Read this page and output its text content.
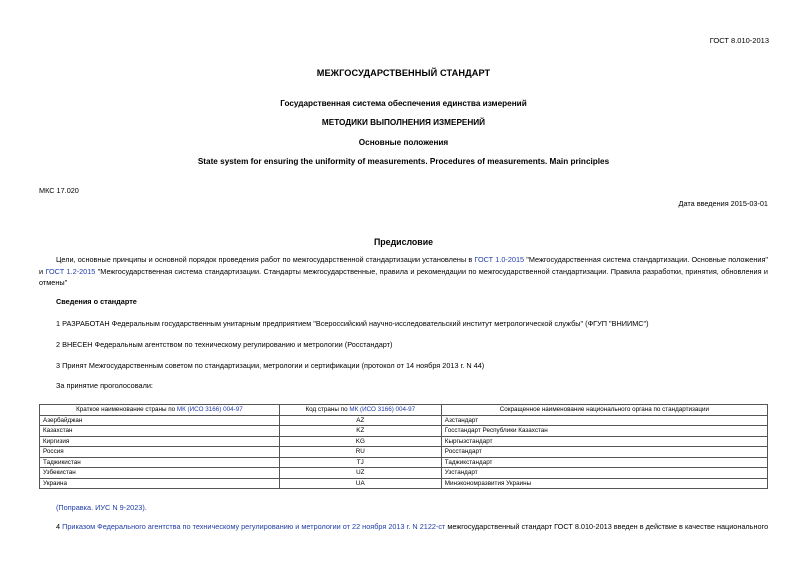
ГОСТ 8.010-2013
МЕЖГОСУДАРСТВЕННЫЙ СТАНДАРТ
Государственная система обеспечения единства измерений
МЕТОДИКИ ВЫПОЛНЕНИЯ ИЗМЕРЕНИЙ
Основные положения
State system for ensuring the uniformity of measurements. Procedures of measurements. Main principles
МКС 17.020
Дата введения 2015-03-01
Предисловие
Цели, основные принципы и основной порядок проведения работ по межгосударственной стандартизации установлены в ГОСТ 1.0-2015 "Межгосударственная система стандартизации. Основные положения" и ГОСТ 1.2-2015 "Межгосударственная система стандартизации. Стандарты межгосударственные, правила и рекомендации по межгосударственной стандартизации. Правила разработки, принятия, обновления и отмены"
Сведения о стандарте
1 РАЗРАБОТАН Федеральным государственным унитарным предприятием "Всероссийский научно-исследовательский институт метрологической службы" (ФГУП "ВНИИМС")
2 ВНЕСЕН Федеральным агентством по техническому регулированию и метрологии (Росстандарт)
3 Принят Межгосударственным советом по стандартизации, метрологии и сертификации (протокол от 14 ноября 2013 г. N 44)
За принятие проголосовали:
Краткое наименование страны по МК (ИСО 3166) 004-97	Код страны по МК (ИСО 3166) 004-97	Сокращенное наименование национального органа по стандартизации
Азербайджан	AZ	Азстандарт
Казахстан	KZ	Госстандарт Республики Казахстан
Киргизия	KG	Кыргызстандарт
Россия	RU	Росстандарт
Таджикистан	TJ	Таджикстандарт
Узбекистан	UZ	Узстандарт
Украина	UA	Минэкономразвития Украины
(Поправка. ИУС N 9-2023).
4 Приказом Федерального агентства по техническому регулированию и метрологии от 22 ноября 2013 г. N 2122-ст межгосударственный стандарт ГОСТ 8.010-2013 введен в действие в качестве национального
